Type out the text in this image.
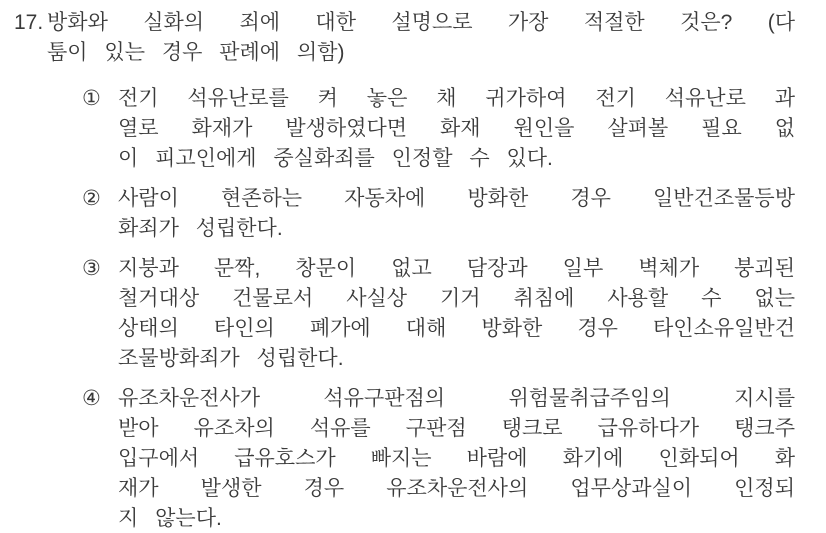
17. 방화와 실화의 죄에 대한 설명으로 가장 적절한 것은? (다
툼이 있는 경우 판례에 의함)
① 전기 석유난로를 켜 놓은 채 귀가하여 전기 석유난로 과
열로 화재가 발생하였다면 화재 원인을 살펴볼 필요 없
이 피고인에게 중실화죄를 인정할 수 있다.
② 사람이 현존하는 자동차에 방화한 경우 일반건조물등방
화죄가 성립한다.
③ 지붕과 문짝, 창문이 없고 담장과 일부 벽체가 붕괴된
철거대상 건물로서 사실상 기거 취침에 사용할 수 없는
상태의 타인의 폐가에 대해 방화한 경우 타인소유일반건
조물방화죄가 성립한다.
④ 유조차운전사가 석유구판점의 위험물취급주임의 지시를
받아 유조차의 석유를 구판점 탱크로 급유하다가 탱크주
입구에서 급유호스가 빠지는 바람에 화기에 인화되어 화
재가 발생한 경우 유조차운전사의 업무상과실이 인정되
지 않는다.
